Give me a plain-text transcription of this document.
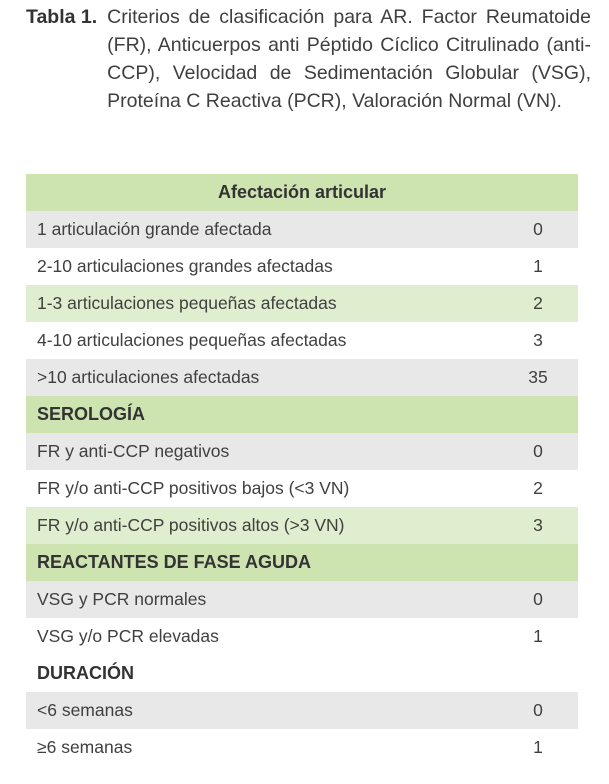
Tabla 1. Criterios de clasificación para AR. Factor Reumatoide (FR), Anticuerpos anti Péptido Cíclico Citrulinado (anti-CCP), Velocidad de Sedimentación Globular (VSG), Proteína C Reactiva (PCR), Valoración Normal (VN).
Afectación articular
1 articulación grande afectada	0
2-10 articulaciones grandes afectadas	1
1-3 articulaciones pequeñas afectadas	2
4-10 articulaciones pequeñas afectadas	3
>10 articulaciones afectadas	35
SEROLOGÍA
FR y anti-CCP negativos	0
FR y/o anti-CCP positivos bajos (<3 VN)	2
FR y/o anti-CCP positivos altos (>3 VN)	3
REACTANTES DE FASE AGUDA
VSG y PCR normales	0
VSG y/o PCR elevadas	1
DURACIÓN
<6 semanas	0
≥6 semanas	1
